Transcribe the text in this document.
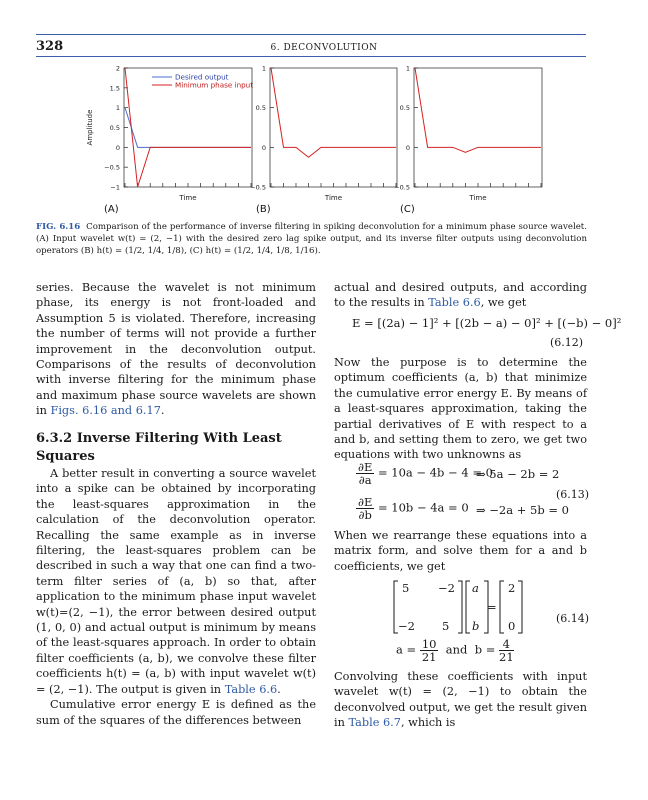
328	6. DECONVOLUTION
2
1.5
1
0.5
0
−0.5
−1
Time
(A)
1
0.5
0
−0.5
Time
(B)
1
0.5
0
−0.5
Time
(C)
Amplitude
Desired output
Minimum phase input
FIG. 6.16 Comparison of the performance of inverse filtering in spiking deconvolution for a minimum phase source wavelet. (A) Input wavelet w(t) = (2, −1) with the desired zero lag spike output, and its inverse filter outputs using deconvolution operators (B) h(t) = (1/2, 1/4, 1/8), (C) h(t) = (1/2, 1/4, 1/8, 1/16).

series. Because the wavelet is not minimum phase, its energy is not front-loaded and Assumption 5 is violated. Therefore, increasing the number of terms will not provide a further improvement in the deconvolution output. Comparisons of the results of deconvolution with inverse filtering for the minimum phase and maximum phase source wavelets are shown in Figs. 6.16 and 6.17.

6.3.2 Inverse Filtering With Least Squares

A better result in converting a source wavelet into a spike can be obtained by incorporating the least-squares approximation in the calculation of the deconvolution operator. Recalling the same example as in inverse filtering, the least-squares problem can be described in such a way that one can find a two-term filter series of (a, b) so that, after application to the minimum phase input wavelet w(t)=(2, −1), the error between desired output (1, 0, 0) and actual output is minimum by means of the least-squares approach. In order to obtain filter coefficients (a, b), we convolve these filter coefficients h(t) = (a, b) with input wavelet w(t) = (2, −1). The output is given in Table 6.6.

Cumulative error energy E is defined as the sum of the squares of the differences between

actual and desired outputs, and according to the results in Table 6.6, we get

E = [(2a) − 1]² + [(2b − a) − 0]² + [(−b) − 0]²
(6.12)

Now the purpose is to determine the optimum coefficients (a, b) that minimize the cumulative error energy E. By means of a least-squares approximation, taking the partial derivatives of E with respect to a and b, and setting them to zero, we get two equations with two unknowns as

$\frac{\partial E}{\partial a} = 10a - 4b - 4 = 0$
⇒ 5a − 2b = 2
$\frac{\partial E}{\partial b} = 10b - 4a = 0$ ⇒ −2a + 5b = 0
(6.13)

When we rearrange these equations into a matrix form, and solve them for a and b coefficients, we get

5 −2
−2 5
a
b
=
2
0
(6.14)
$a = \frac{10}{21}$ and $b = \frac{4}{21}$

Convolving these coefficients with input wavelet w(t) = (2, −1) to obtain the deconvolved output, we get the result given in Table 6.7, which is
